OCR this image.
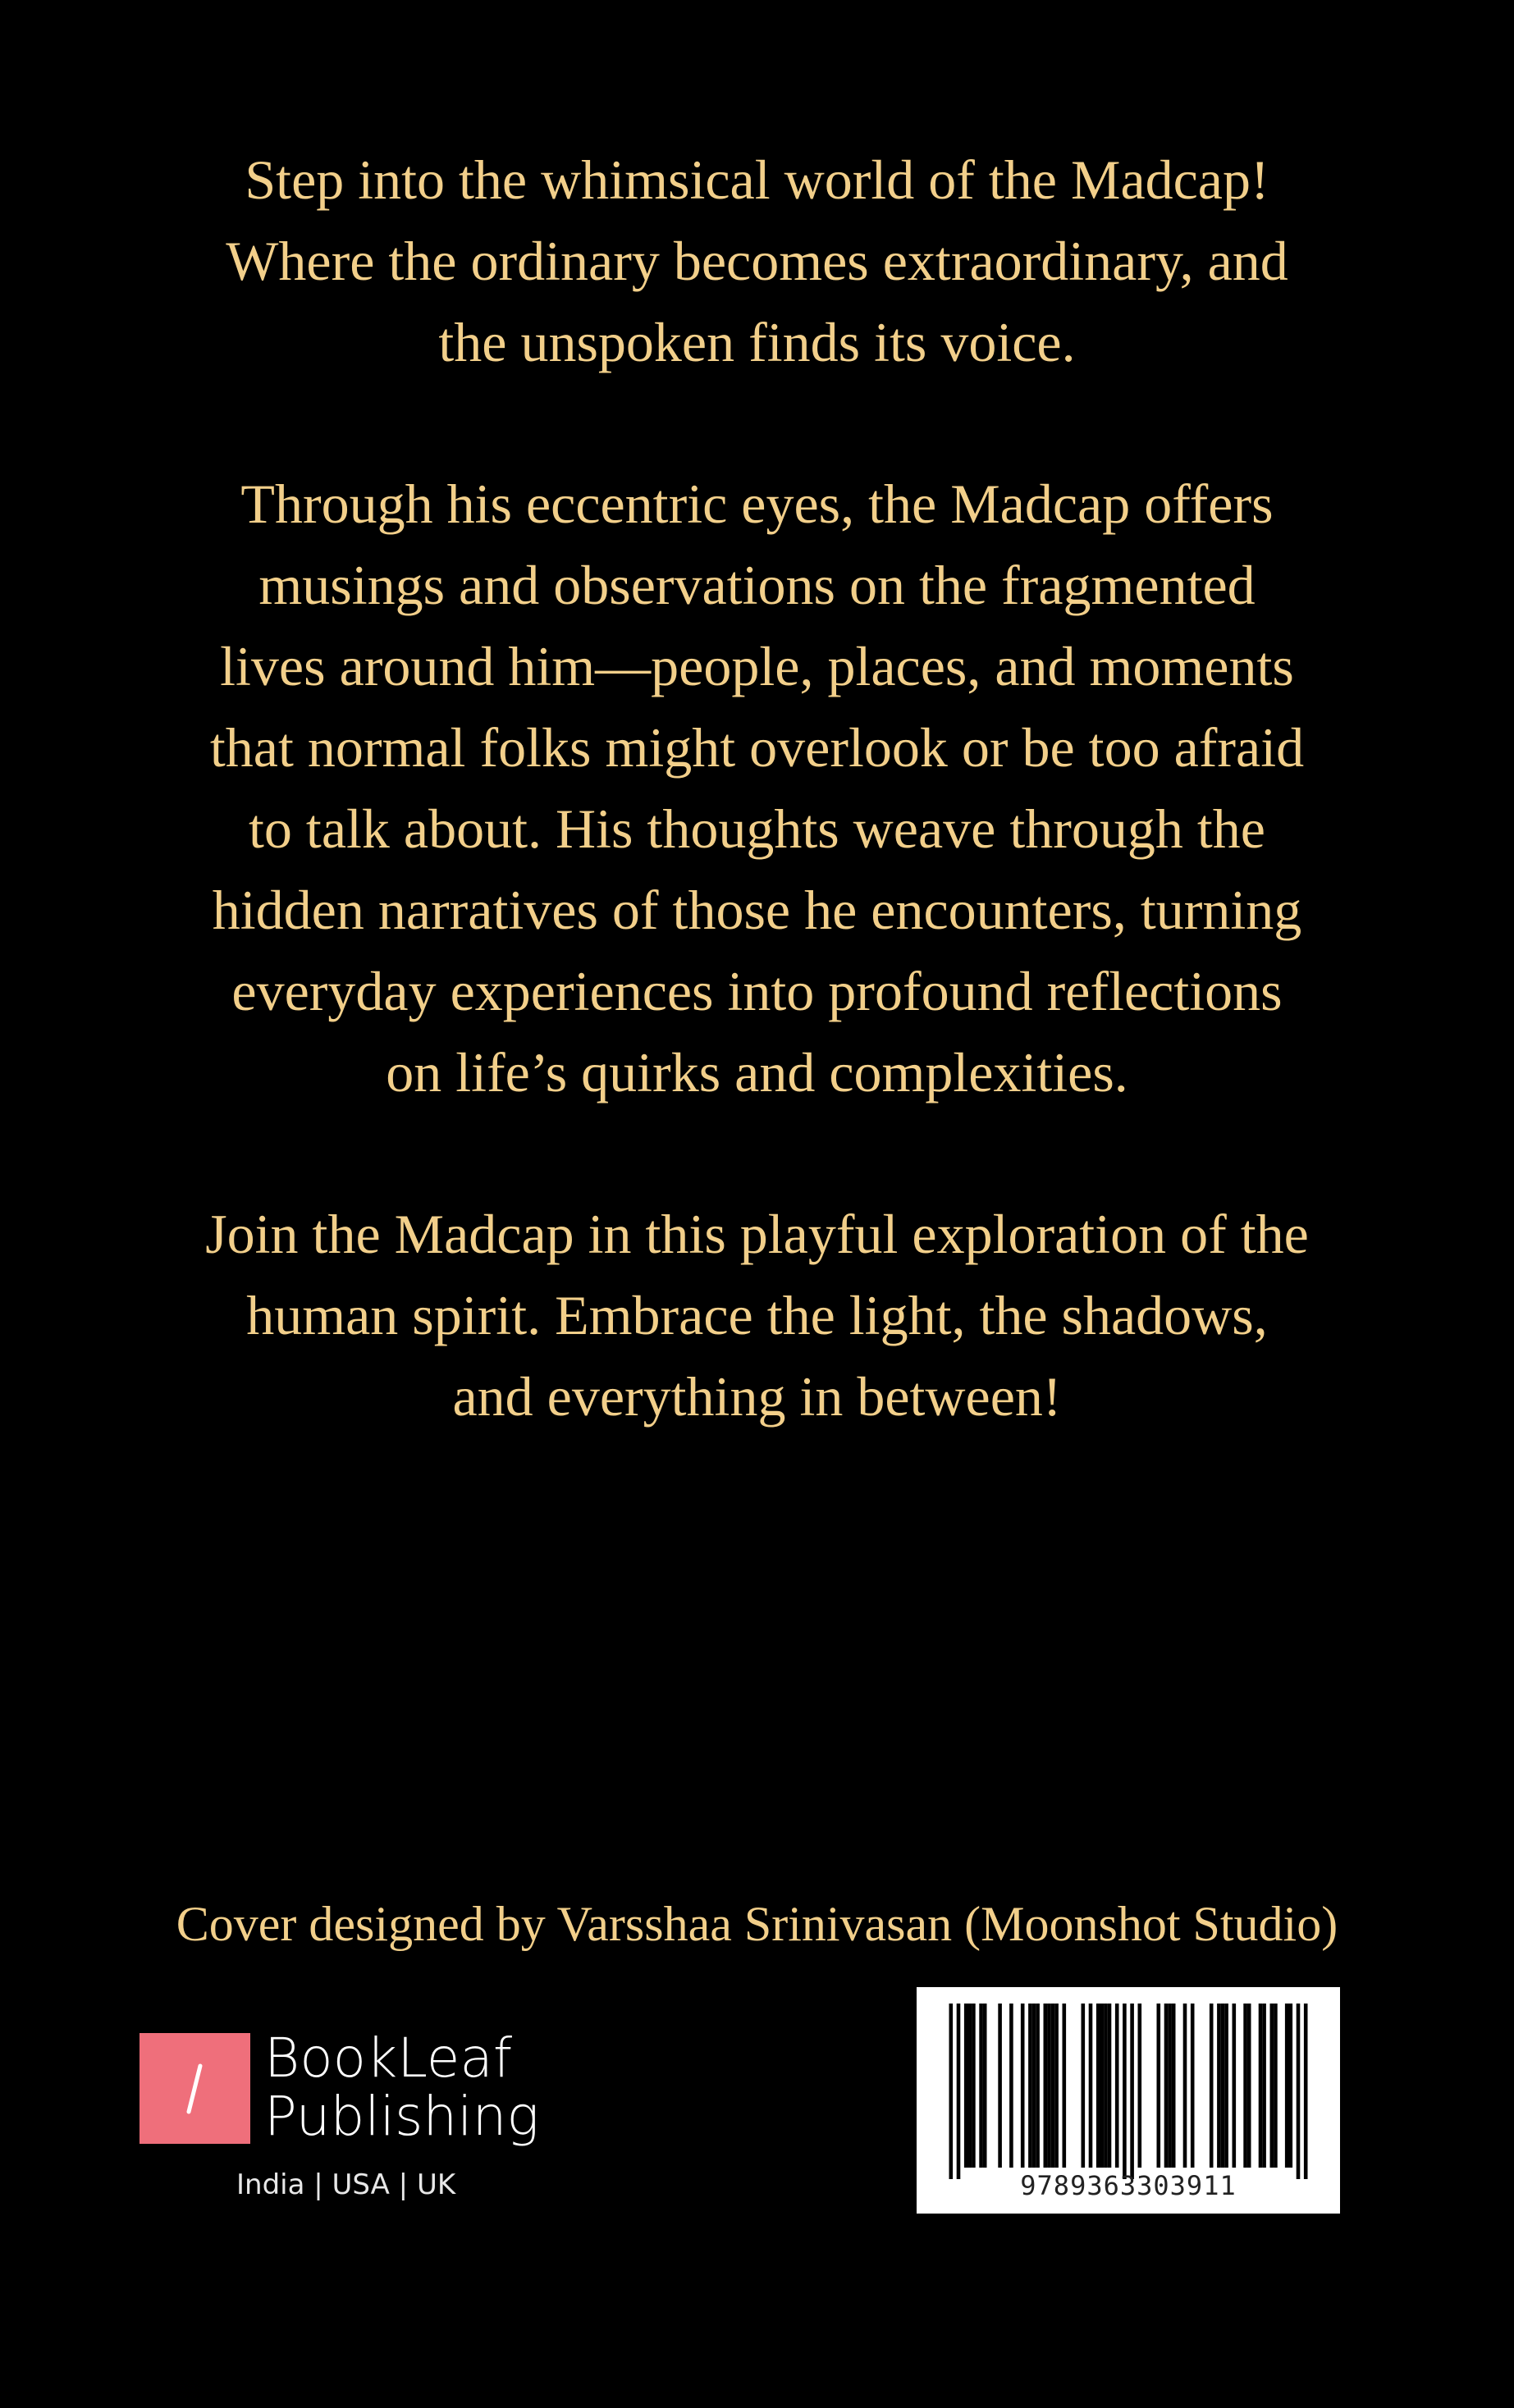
Step into the whimsical world of the Madcap!
Where the ordinary becomes extraordinary, and
the unspoken finds its voice.

Through his eccentric eyes, the Madcap offers
musings and observations on the fragmented
lives around him—people, places, and moments
that normal folks might overlook or be too afraid
to talk about. His thoughts weave through the
hidden narratives of those he encounters, turning
everyday experiences into profound reflections
on life’s quirks and complexities.

Join the Madcap in this playful exploration of the
human spirit. Embrace the light, the shadows,
and everything in between!

Cover designed by Varsshaa Srinivasan (Moonshot Studio)
BookLeaf
Publishing
India | USA | UK	9789363303911
